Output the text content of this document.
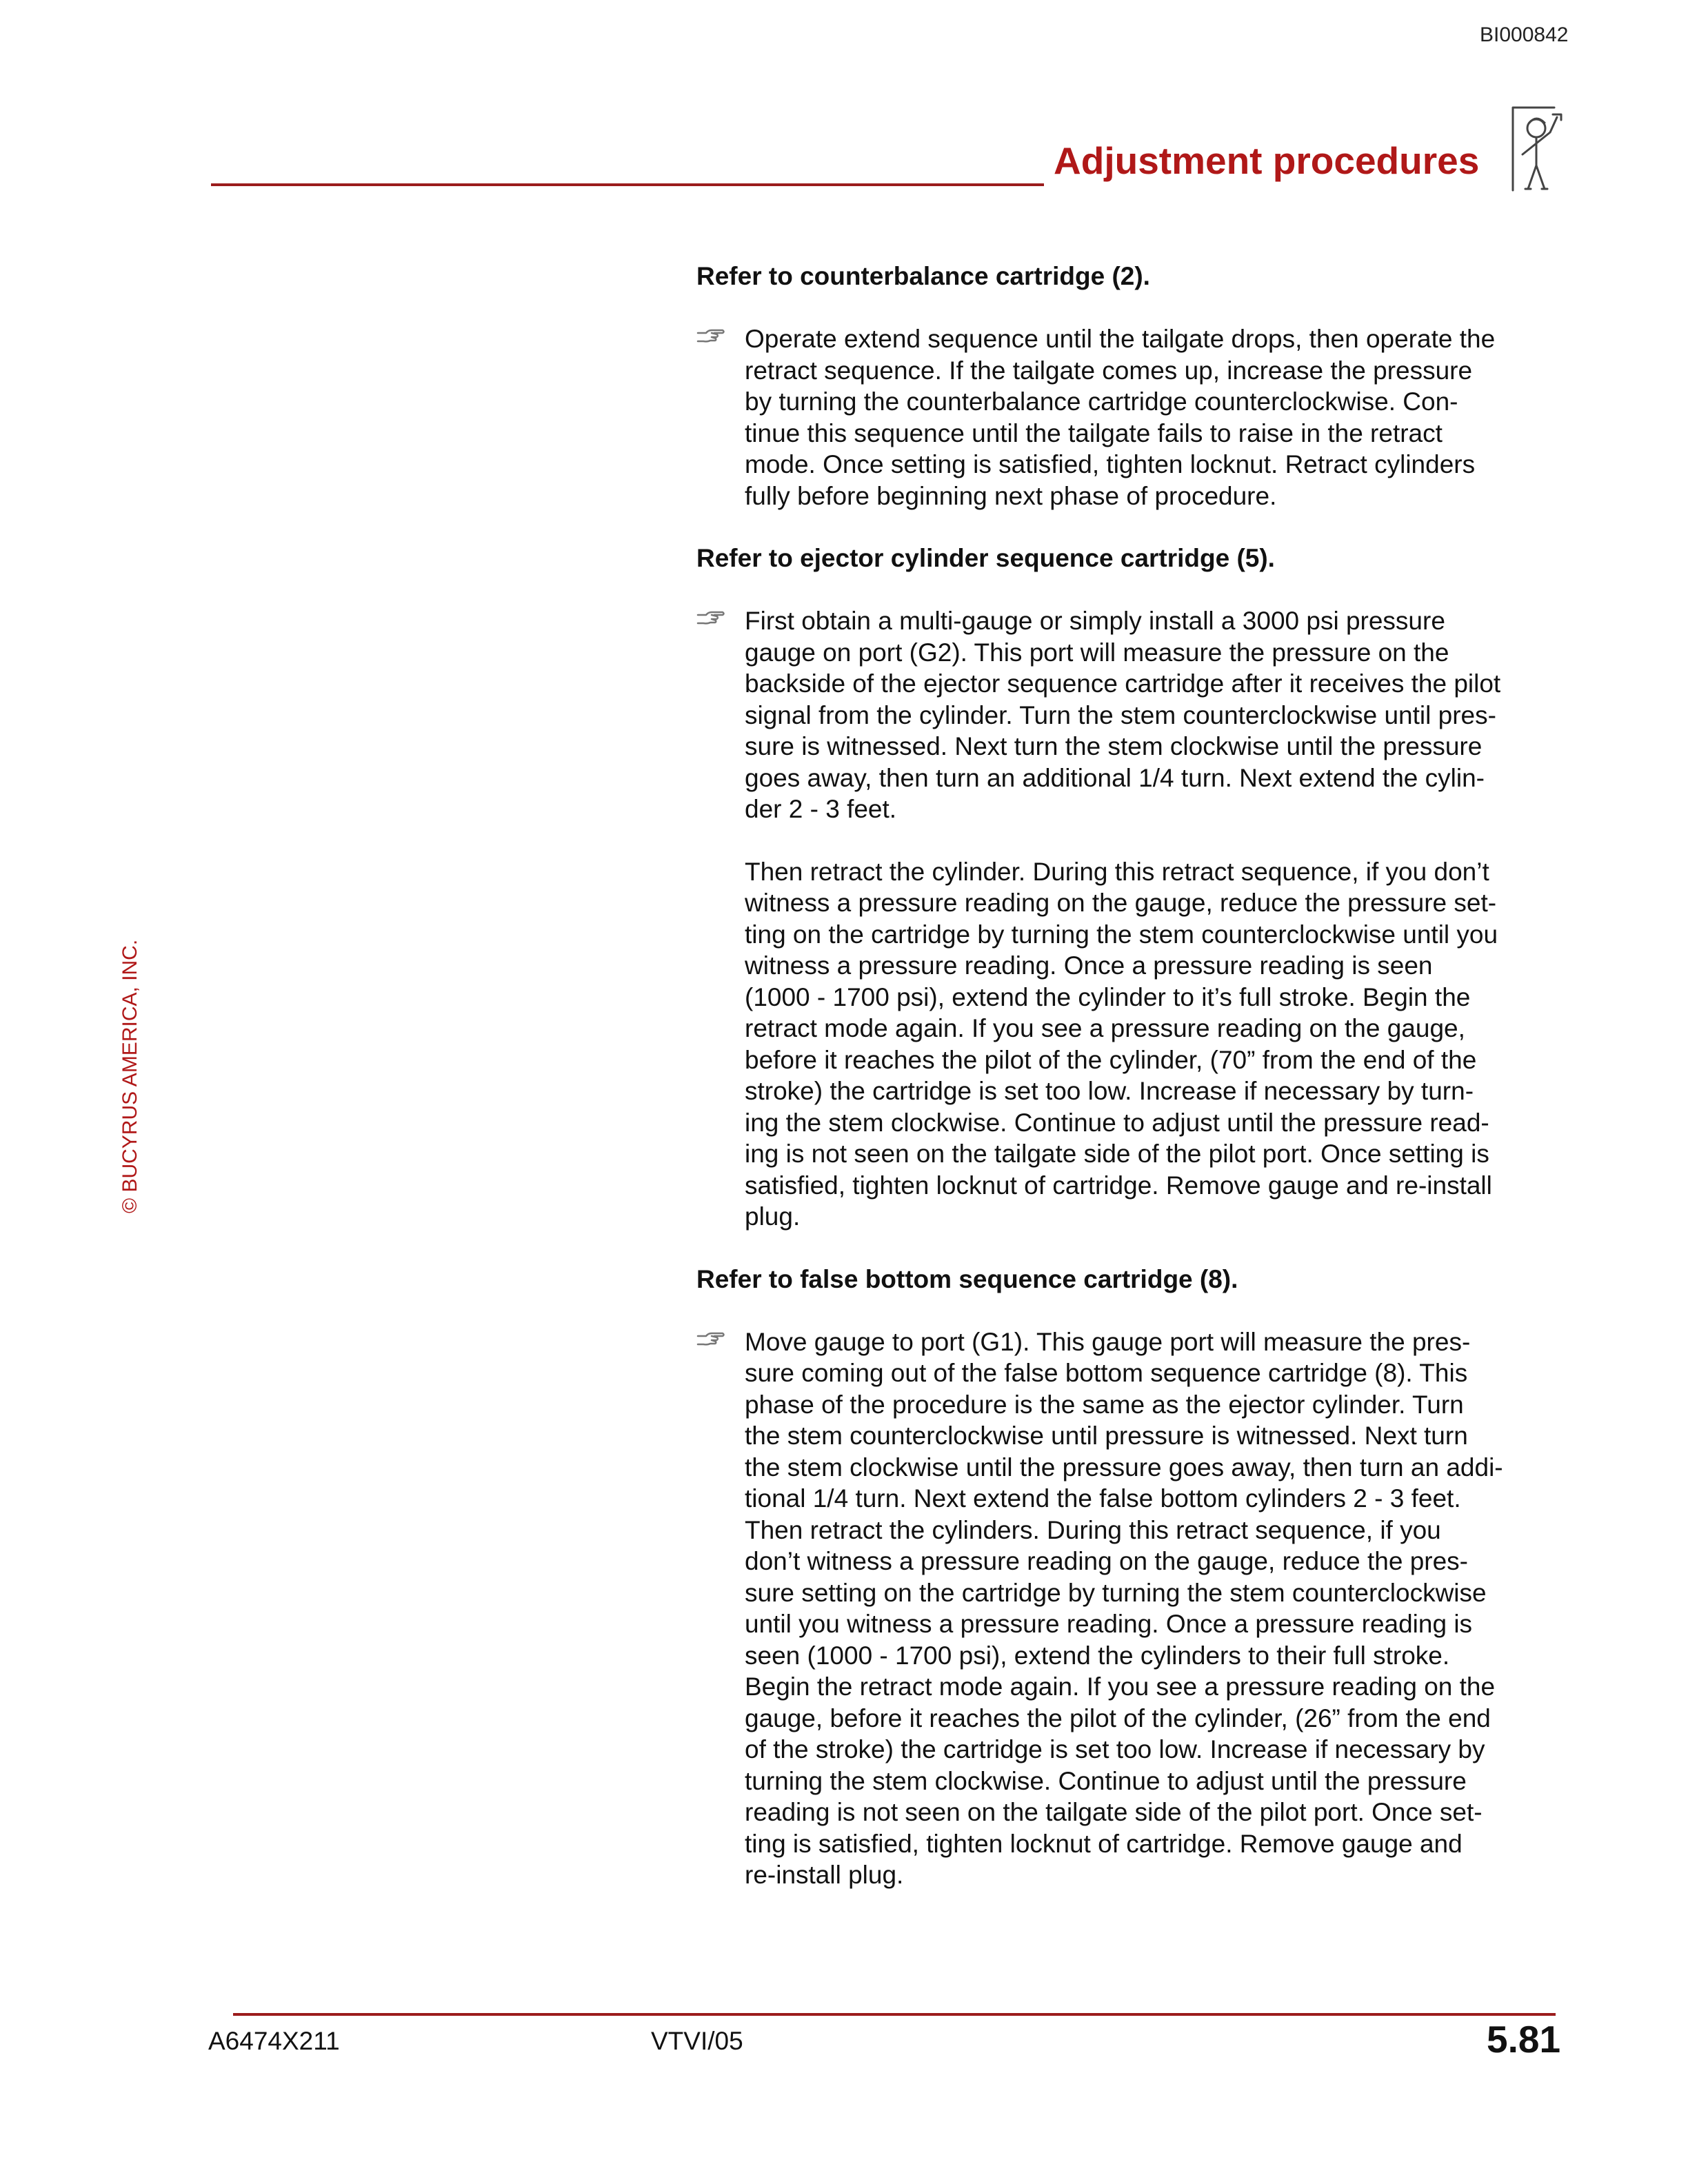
BI000842
Adjustment procedures
© BUCYRUS AMERICA, INC.
Refer to counterbalance cartridge (2).

Operate extend sequence until the tailgate drops, then operate the
retract sequence. If the tailgate comes up, increase the pressure
by turning the counterbalance cartridge counterclockwise. Con-
tinue this sequence until the tailgate fails to raise in the retract
mode. Once setting is satisfied, tighten locknut. Retract cylinders
fully before beginning next phase of procedure.

Refer to ejector cylinder sequence cartridge (5).

First obtain a multi-gauge or simply install a 3000 psi pressure
gauge on port (G2). This port will measure the pressure on the
backside of the ejector sequence cartridge after it receives the pilot
signal from the cylinder. Turn the stem counterclockwise until pres-
sure is witnessed. Next turn the stem clockwise until the pressure
goes away, then turn an additional 1/4 turn. Next extend the cylin-
der 2 - 3 feet.

Then retract the cylinder. During this retract sequence, if you don’t
witness a pressure reading on the gauge, reduce the pressure set-
ting on the cartridge by turning the stem counterclockwise until you
witness a pressure reading. Once a pressure reading is seen
(1000 - 1700 psi), extend the cylinder to it’s full stroke. Begin the
retract mode again. If you see a pressure reading on the gauge,
before it reaches the pilot of the cylinder, (70” from the end of the
stroke) the cartridge is set too low. Increase if necessary by turn-
ing the stem clockwise. Continue to adjust until the pressure read-
ing is not seen on the tailgate side of the pilot port. Once setting is
satisfied, tighten locknut of cartridge. Remove gauge and re-install
plug.

Refer to false bottom sequence cartridge (8).

Move gauge to port (G1). This gauge port will measure the pres-
sure coming out of the false bottom sequence cartridge (8). This
phase of the procedure is the same as the ejector cylinder. Turn
the stem counterclockwise until pressure is witnessed. Next turn
the stem clockwise until the pressure goes away, then turn an addi-
tional 1/4 turn. Next extend the false bottom cylinders 2 - 3 feet.
Then retract the cylinders. During this retract sequence, if you
don’t witness a pressure reading on the gauge, reduce the pres-
sure setting on the cartridge by turning the stem counterclockwise
until you witness a pressure reading. Once a pressure reading is
seen (1000 - 1700 psi), extend the cylinders to their full stroke.
Begin the retract mode again. If you see a pressure reading on the
gauge, before it reaches the pilot of the cylinder, (26” from the end
of the stroke) the cartridge is set too low. Increase if necessary by
turning the stem clockwise. Continue to adjust until the pressure
reading is not seen on the tailgate side of the pilot port. Once set-
ting is satisfied, tighten locknut of cartridge. Remove gauge and
re-install plug.

A6474X211	VTVI/05	5.81
